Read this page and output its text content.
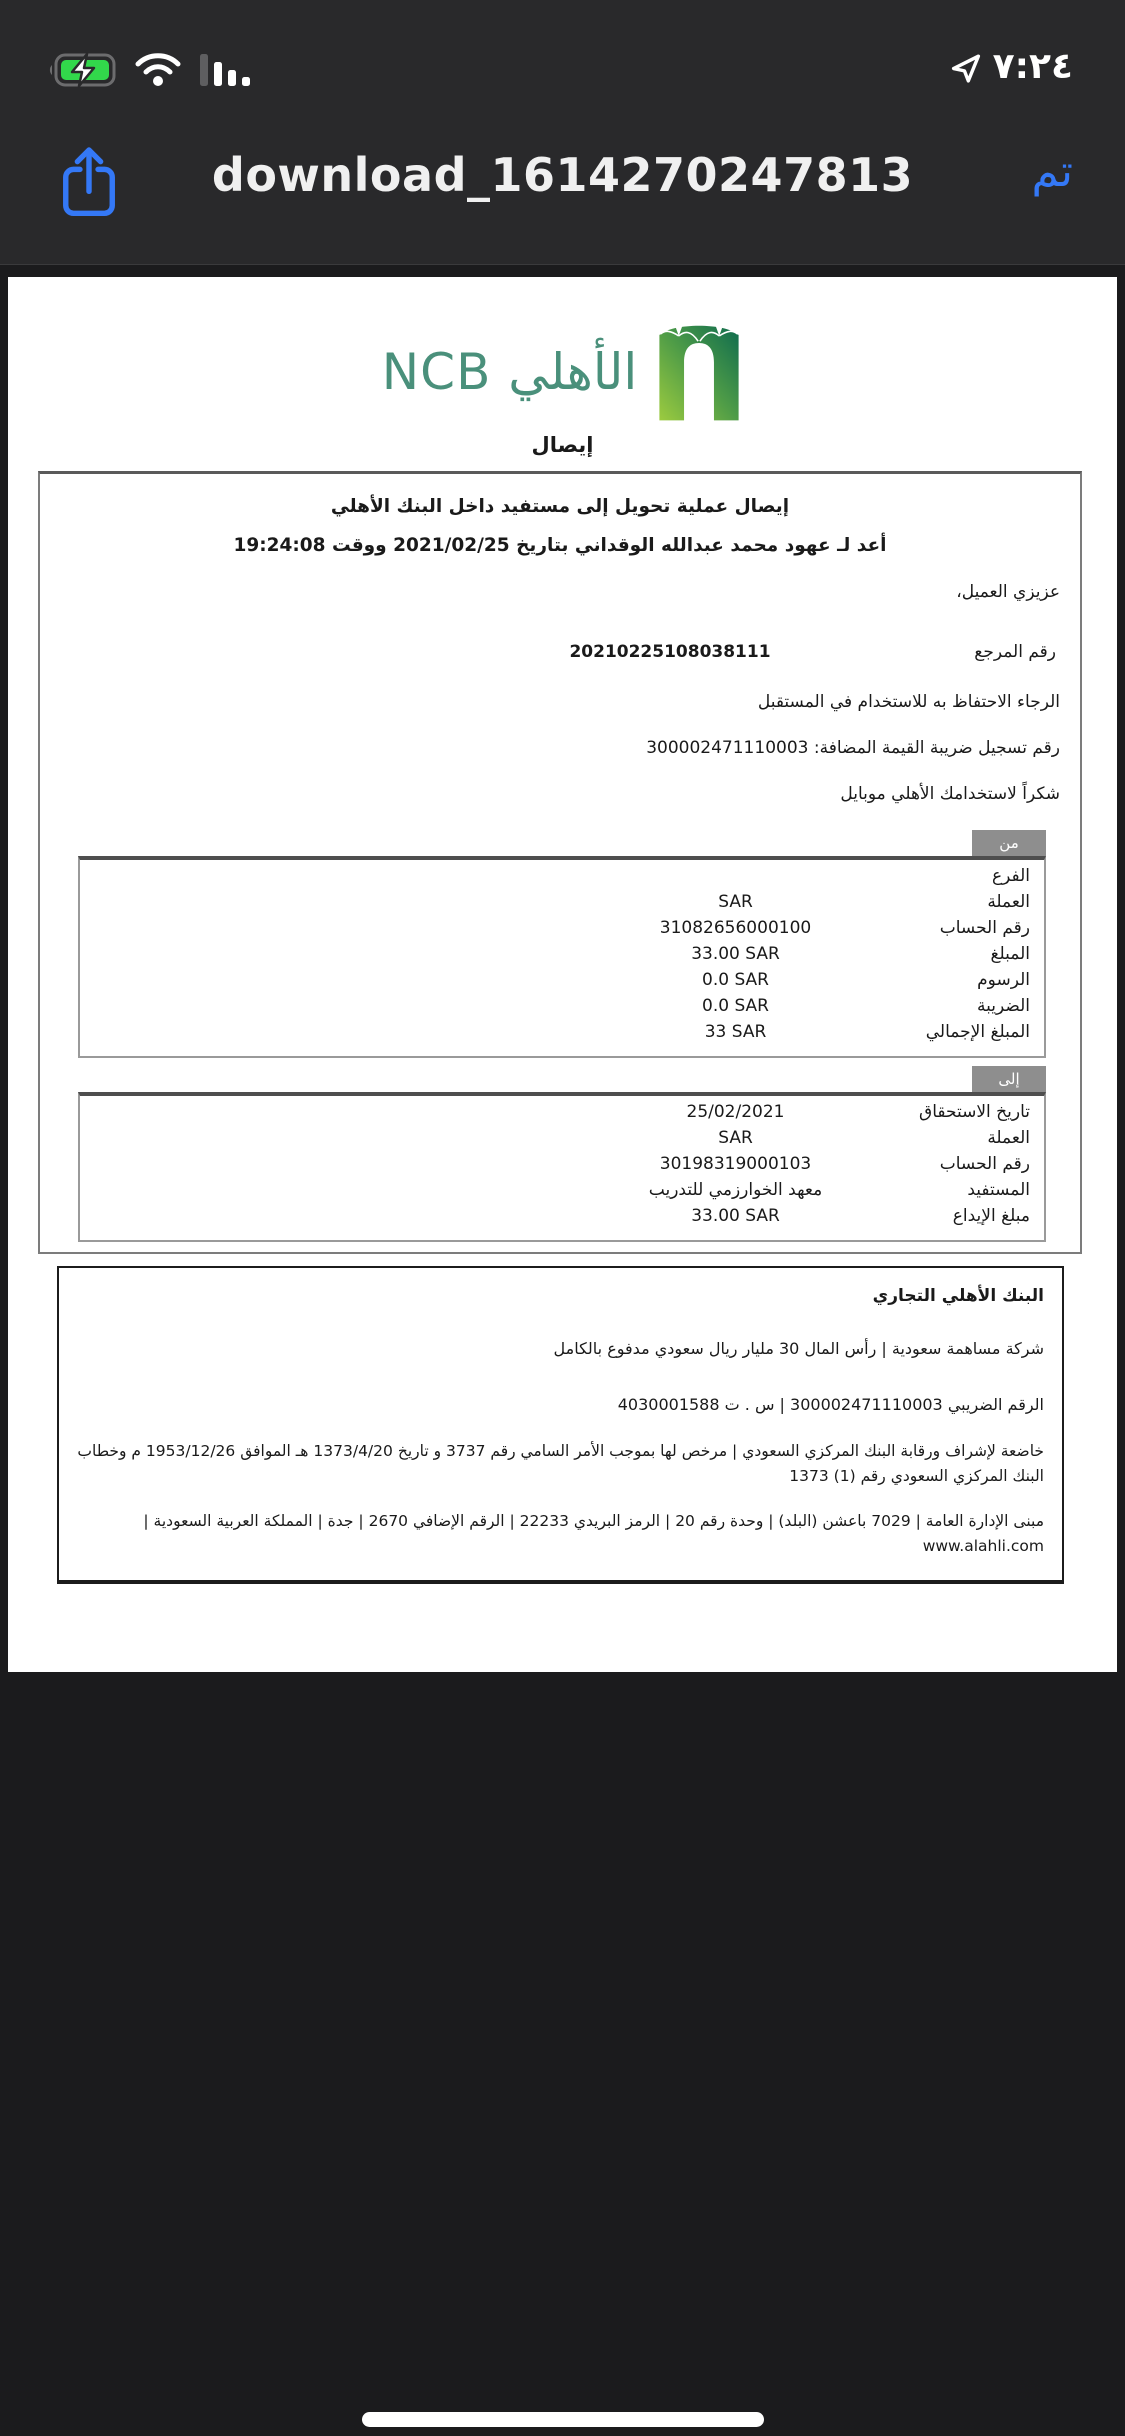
٧:٢٤
download_1614270247813	تم
NCB الأهلي
إيصال
إيصال عملية تحويل إلى مستفيد داخل البنك الأهلي
أعد لـ عهود محمد عبدالله الوقداني بتاريخ 2021/02/25 ووقت 19:24:08
عزيزي العميل،
رقم المرجع
20210225108038111
الرجاء الاحتفاظ به للاستخدام في المستقبل
رقم تسجيل ضريبة القيمة المضافة: 300002471110003
شكراً لاستخدامك الأهلي موبايل
من
الفرع
العملة
SAR
رقم الحساب
31082656000100
المبلغ
33.00 SAR
الرسوم
0.0 SAR
الضريبة
0.0 SAR
المبلغ الإجمالي
33 SAR
إلى
تاريخ الاستحقاق
25/02/2021
العملة
SAR
رقم الحساب
30198319000103
المستفيد
معهد الخوارزمي للتدريب
مبلغ الإيداع
33.00 SAR
البنك الأهلي التجاري
شركة مساهمة سعودية | رأس المال 30 مليار ريال سعودي مدفوع بالكامل
الرقم الضريبي 300002471110003 | س . ت 4030001588
خاضعة لإشراف ورقابة البنك المركزي السعودي | مرخص لها بموجب الأمر السامي رقم 3737 و تاريخ 1373/4/20 هـ الموافق 1953/12/26 م وخطاب البنك المركزي السعودي رقم (1) 1373
مبنى الإدارة العامة | 7029 باعشن (البلد) | وحدة رقم 20 | الرمز البريدي 22233 | الرقم الإضافي 2670 | جدة | المملكة العربية السعودية | www.alahli.com
